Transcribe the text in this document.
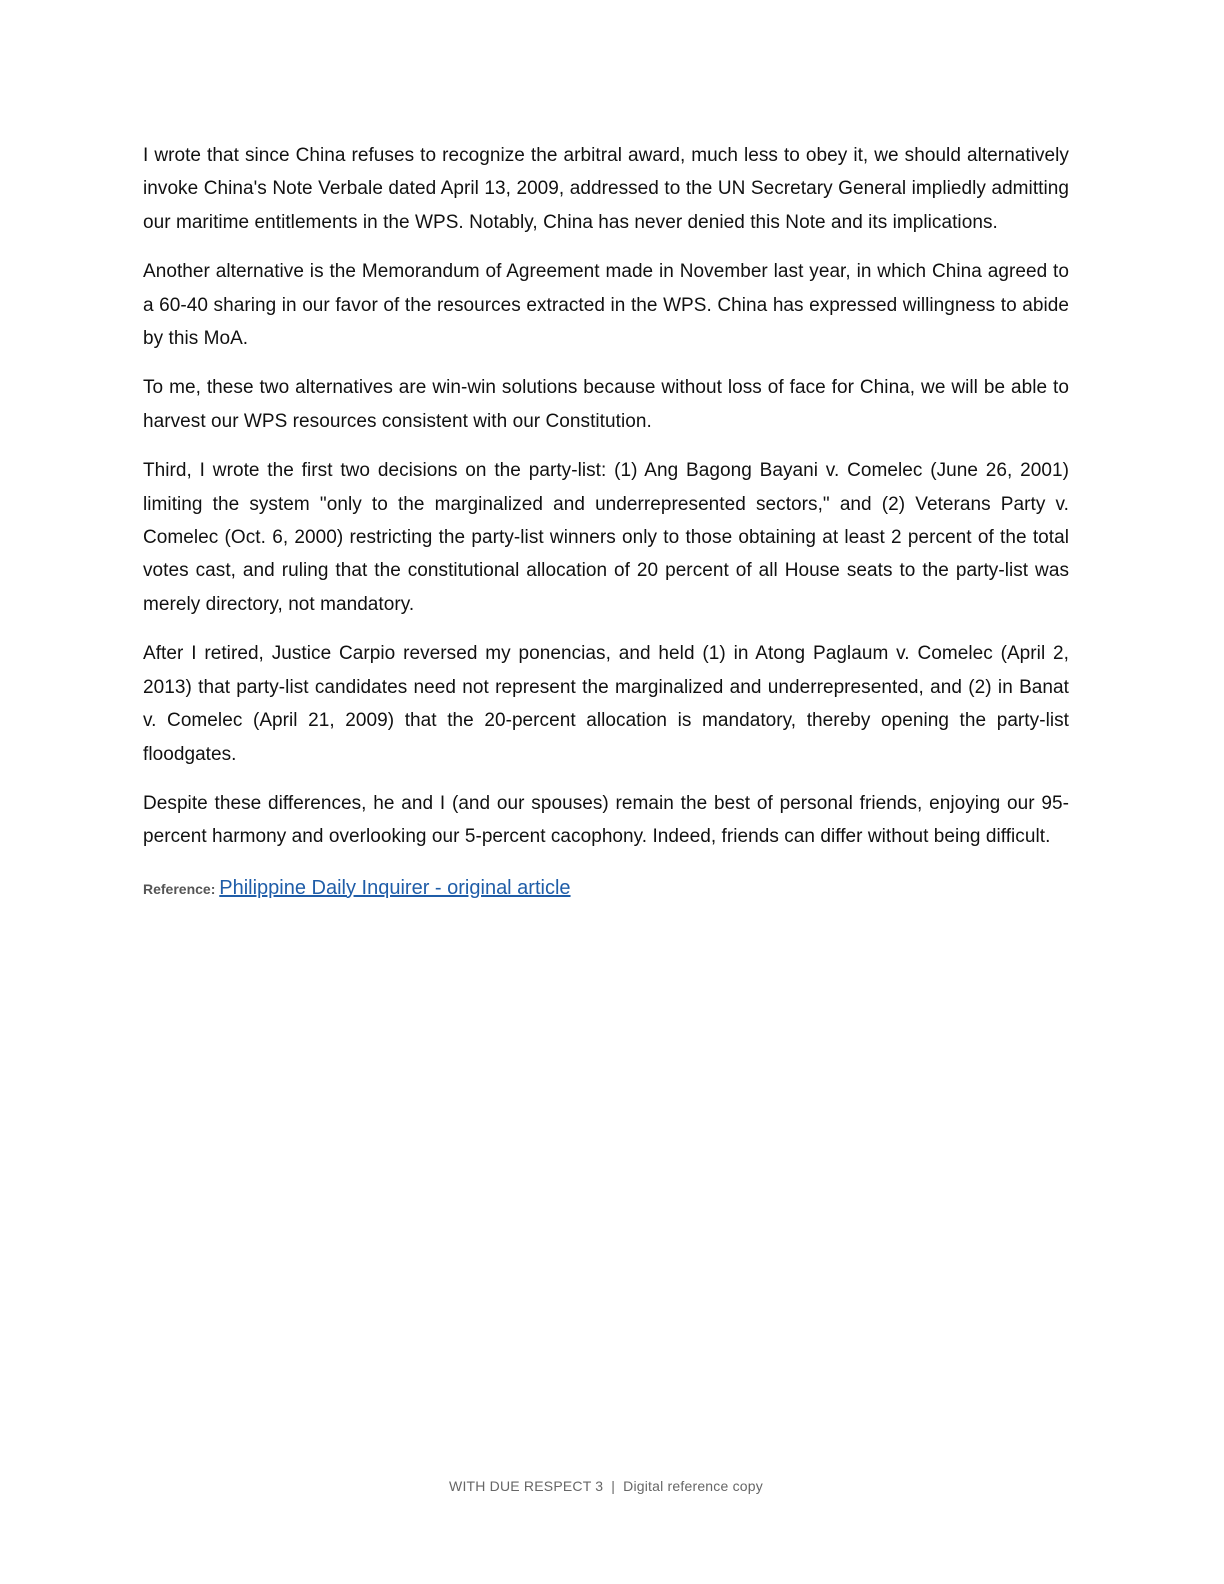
I wrote that since China refuses to recognize the arbitral award, much less to obey it, we should alternatively invoke China's Note Verbale dated April 13, 2009, addressed to the UN Secretary General impliedly admitting our maritime entitlements in the WPS. Notably, China has never denied this Note and its implications.

Another alternative is the Memorandum of Agreement made in November last year, in which China agreed to a 60-40 sharing in our favor of the resources extracted in the WPS. China has expressed willingness to abide by this MoA.

To me, these two alternatives are win-win solutions because without loss of face for China, we will be able to harvest our WPS resources consistent with our Constitution.

Third, I wrote the first two decisions on the party-list: (1) Ang Bagong Bayani v. Comelec (June 26, 2001) limiting the system "only to the marginalized and underrepresented sectors," and (2) Veterans Party v. Comelec (Oct. 6, 2000) restricting the party-list winners only to those obtaining at least 2 percent of the total votes cast, and ruling that the constitutional allocation of 20 percent of all House seats to the party-list was merely directory, not mandatory.

After I retired, Justice Carpio reversed my ponencias, and held (1) in Atong Paglaum v. Comelec (April 2, 2013) that party-list candidates need not represent the marginalized and underrepresented, and (2) in Banat v. Comelec (April 21, 2009) that the 20-percent allocation is mandatory, thereby opening the party-list floodgates.

Despite these differences, he and I (and our spouses) remain the best of personal friends, enjoying our 95-percent harmony and overlooking our 5-percent cacophony. Indeed, friends can differ without being difficult.

Reference: Philippine Daily Inquirer - original article
WITH DUE RESPECT 3 | Digital reference copy
